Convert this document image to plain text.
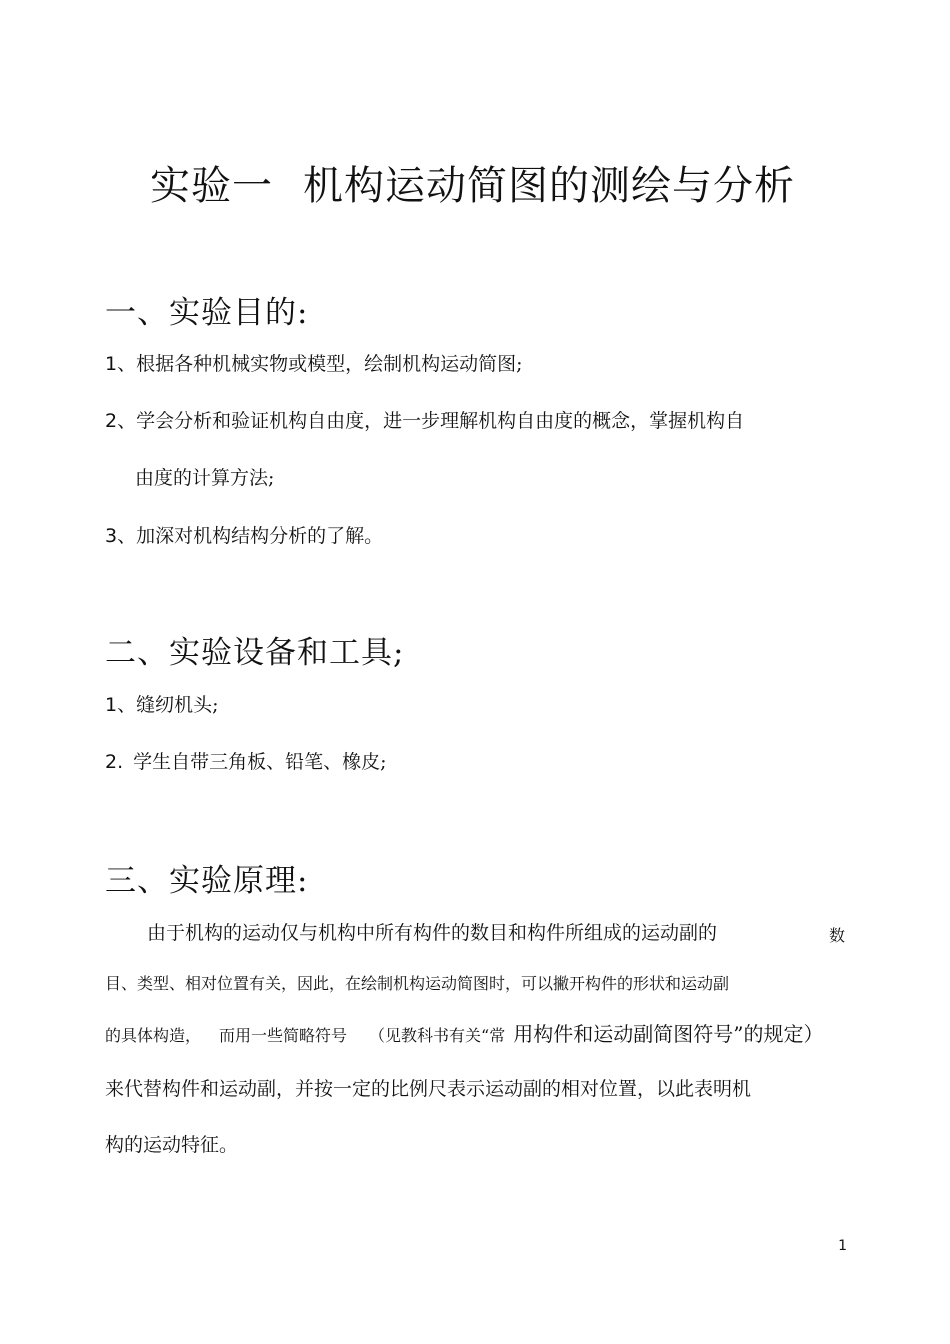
实验一 机构运动简图的测绘与分析
一、实验目的:
1、根据各种机械实物或模型，绘制机构运动简图;
2、学会分析和验证机构自由度，进一步理解机构自由度的概念，掌握机构自
由度的计算方法;
3、加深对机构结构分析的了解。
二、实验设备和工具;
1、缝纫机头;
2. 学生自带三角板、铅笔、橡皮;
三、实验原理:
由于机构的运动仅与机构中所有构件的数目和构件所组成的运动副的	数
目、类型、相对位置有关，因此，在绘制机构运动简图时，可以撇开构件的形状和运动副
的具体构造， 而用一些简略符号 （见教科书有关“常 用构件和运动副简图符号”的规定）
来代替构件和运动副，并按一定的比例尺表示运动副的相对位置，以此表明机
构的运动特征。
1
